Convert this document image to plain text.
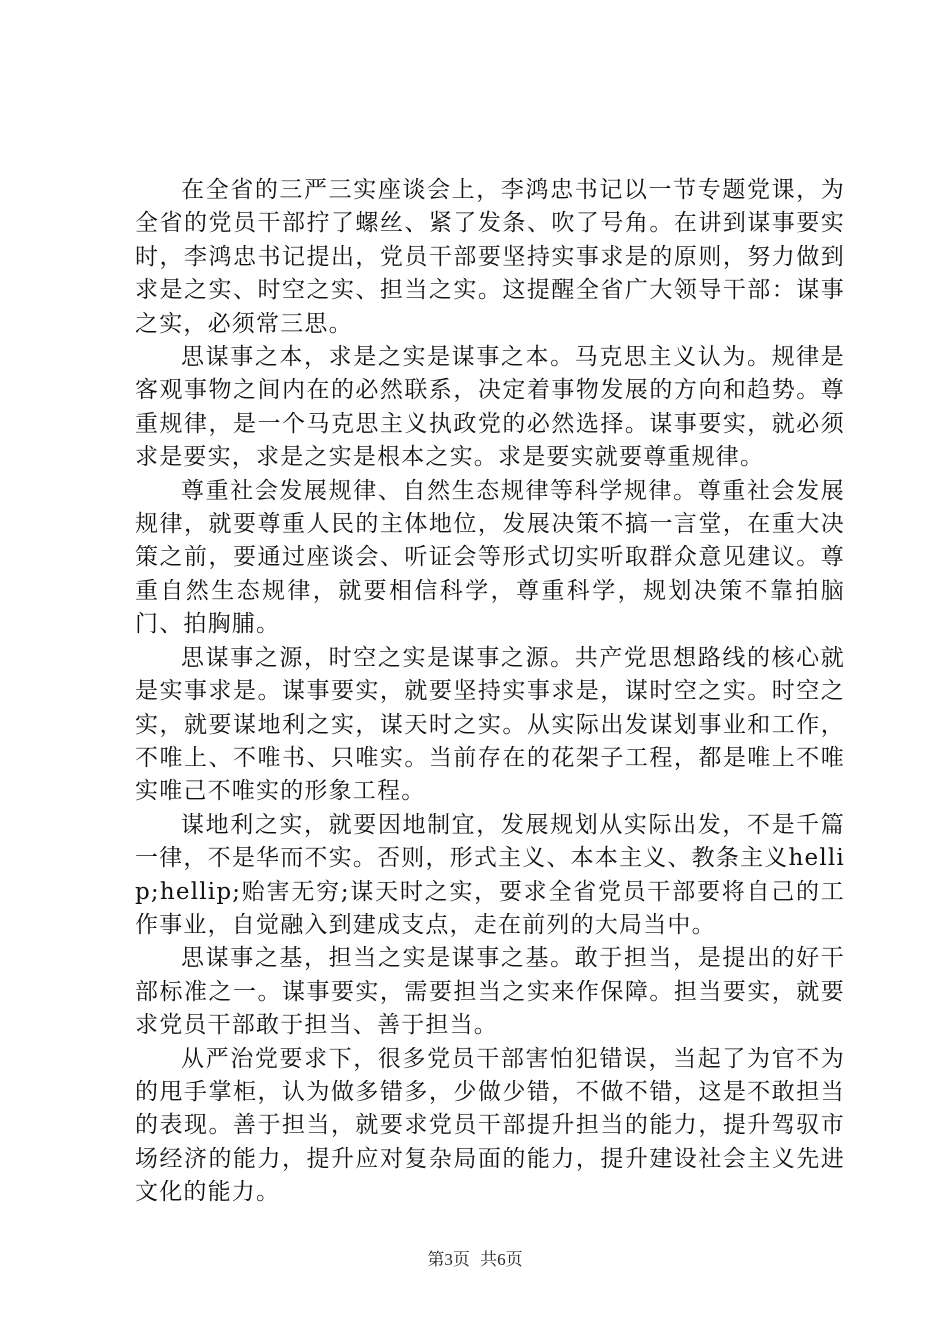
在全省的三严三实座谈会上，李鸿忠书记以一节专题党课，为全省的党员干部拧了螺丝、紧了发条、吹了号角。在讲到谋事要实时，李鸿忠书记提出，党员干部要坚持实事求是的原则，努力做到求是之实、时空之实、担当之实。这提醒全省广大领导干部：谋事之实，必须常三思。

思谋事之本，求是之实是谋事之本。马克思主义认为。规律是客观事物之间内在的必然联系，决定着事物发展的方向和趋势。尊重规律，是一个马克思主义执政党的必然选择。谋事要实，就必须求是要实，求是之实是根本之实。求是要实就要尊重规律。

尊重社会发展规律、自然生态规律等科学规律。尊重社会发展规律，就要尊重人民的主体地位，发展决策不搞一言堂，在重大决策之前，要通过座谈会、听证会等形式切实听取群众意见建议。尊重自然生态规律，就要相信科学，尊重科学，规划决策不靠拍脑门、拍胸脯。

思谋事之源，时空之实是谋事之源。共产党思想路线的核心就是实事求是。谋事要实，就要坚持实事求是，谋时空之实。时空之实，就要谋地利之实，谋天时之实。从实际出发谋划事业和工作，不唯上、不唯书、只唯实。当前存在的花架子工程，都是唯上不唯实唯己不唯实的形象工程。

谋地利之实，就要因地制宜，发展规划从实际出发，不是千篇一律，不是华而不实。否则，形式主义、本本主义、教条主义hellip;hellip;贻害无穷;谋天时之实，要求全省党员干部要将自己的工作事业，自觉融入到建成支点，走在前列的大局当中。

思谋事之基，担当之实是谋事之基。敢于担当，是提出的好干部标准之一。谋事要实，需要担当之实来作保障。担当要实，就要求党员干部敢于担当、善于担当。

从严治党要求下，很多党员干部害怕犯错误，当起了为官不为的甩手掌柜，认为做多错多，少做少错，不做不错，这是不敢担当的表现。善于担当，就要求党员干部提升担当的能力，提升驾驭市场经济的能力，提升应对复杂局面的能力，提升建设社会主义先进文化的能力。

第3页 共6页
